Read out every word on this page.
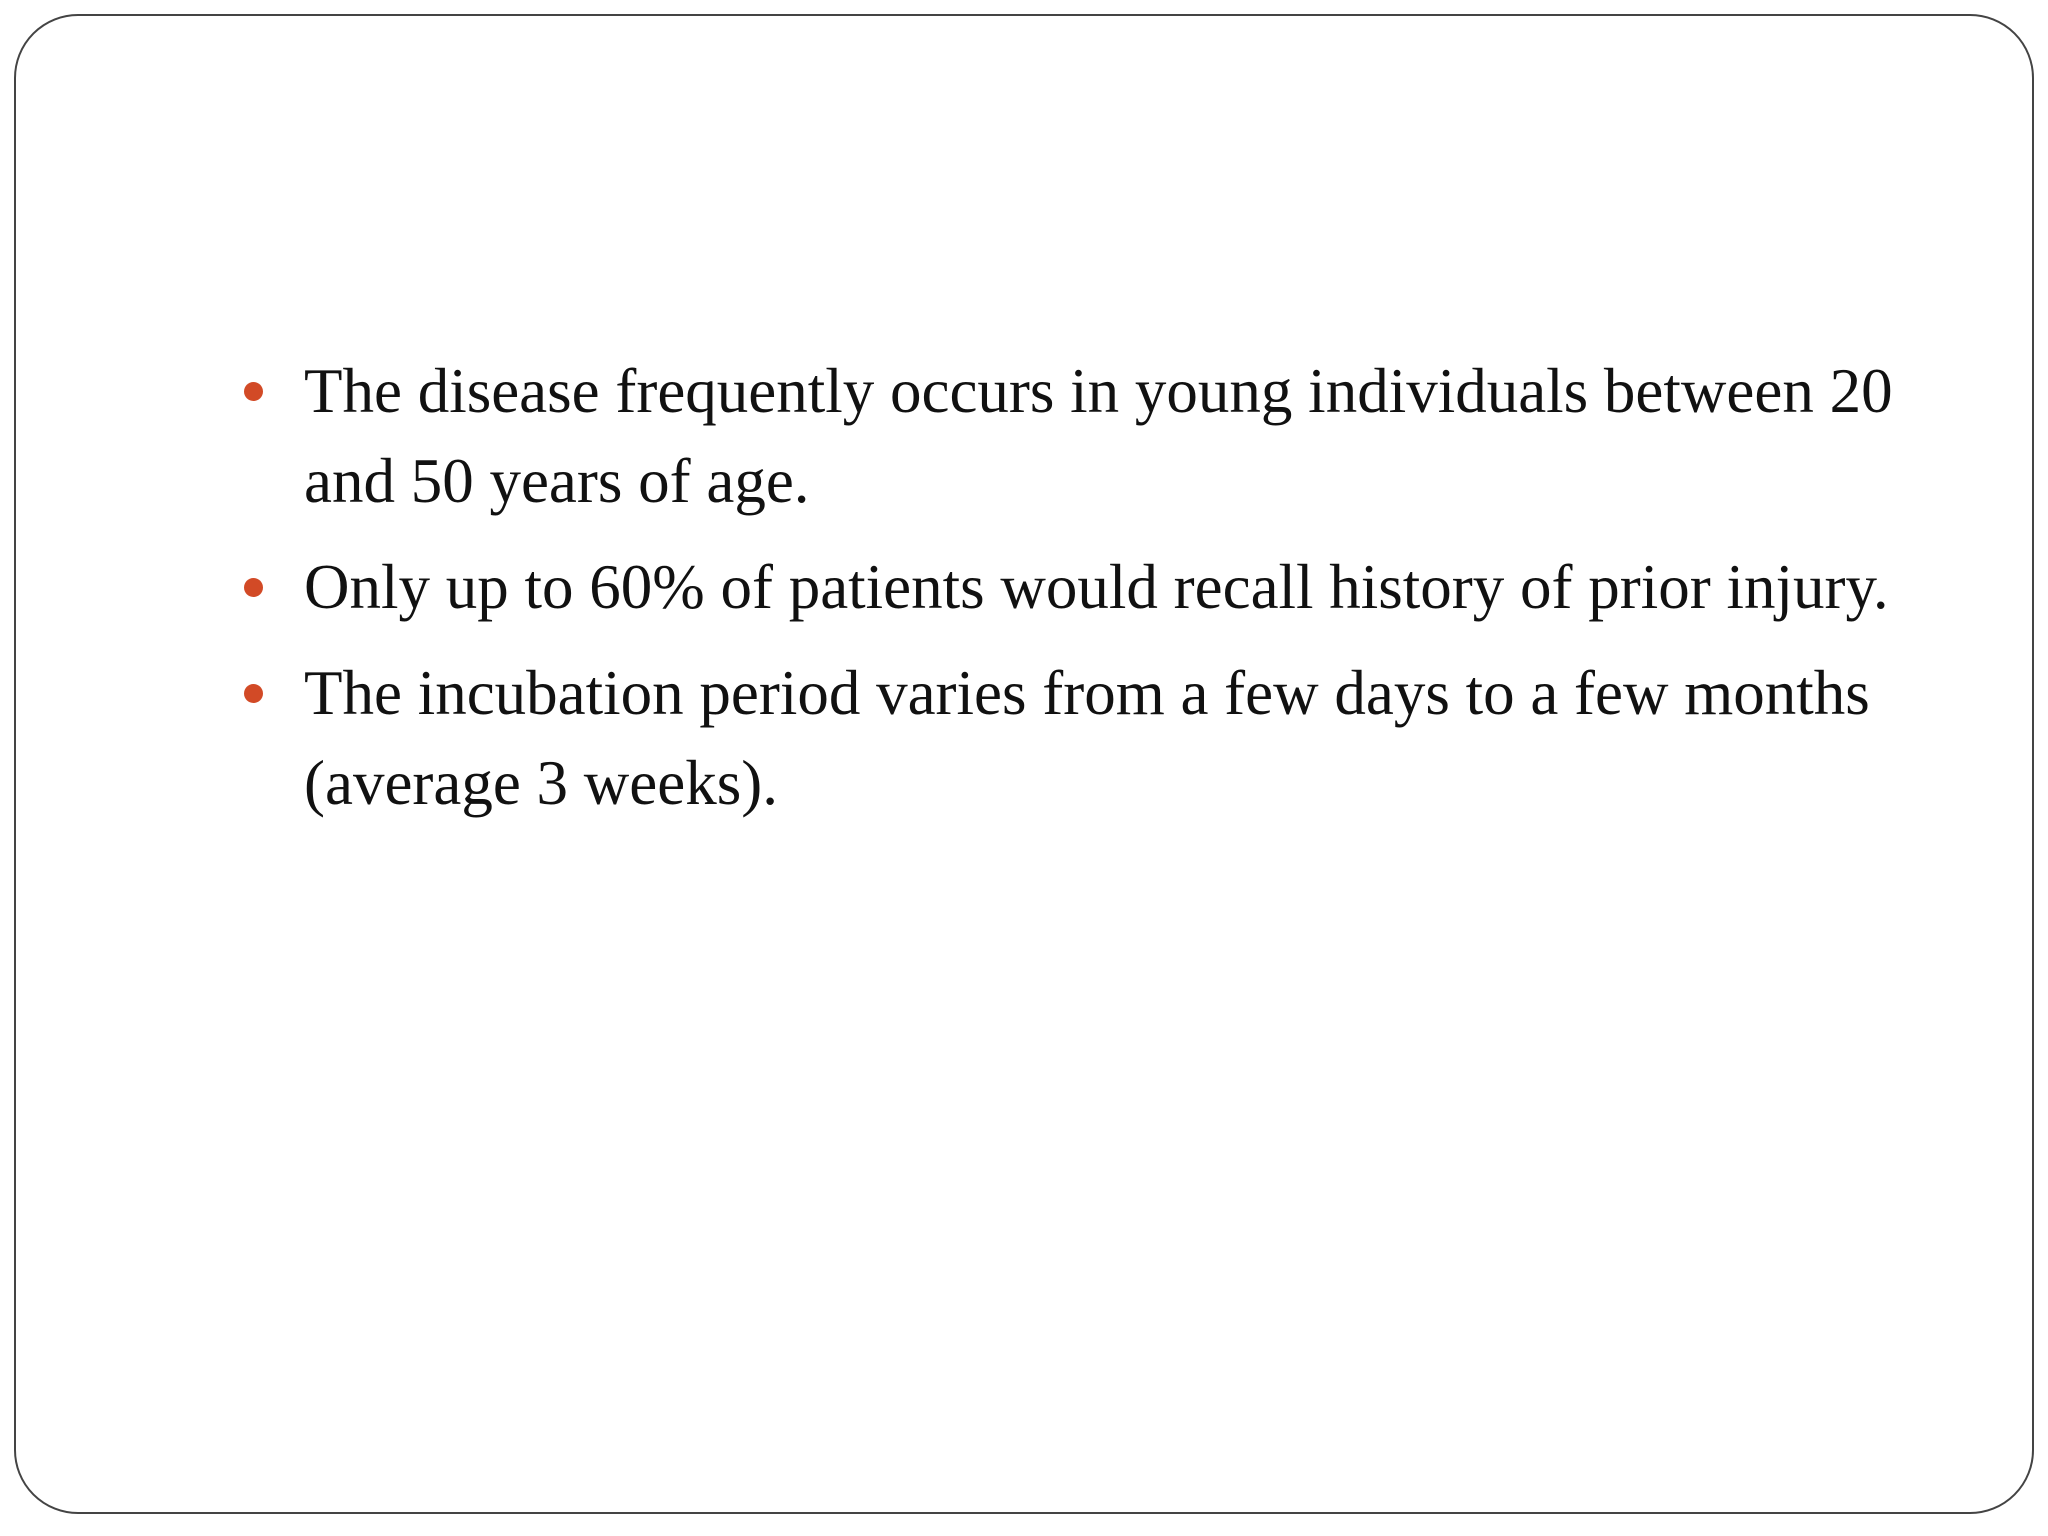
The disease frequently occurs in young individuals between 20 and 50 years of age.
Only up to 60% of patients would recall history of prior injury.
The incubation period varies from a few days to a few months (average 3 weeks).
